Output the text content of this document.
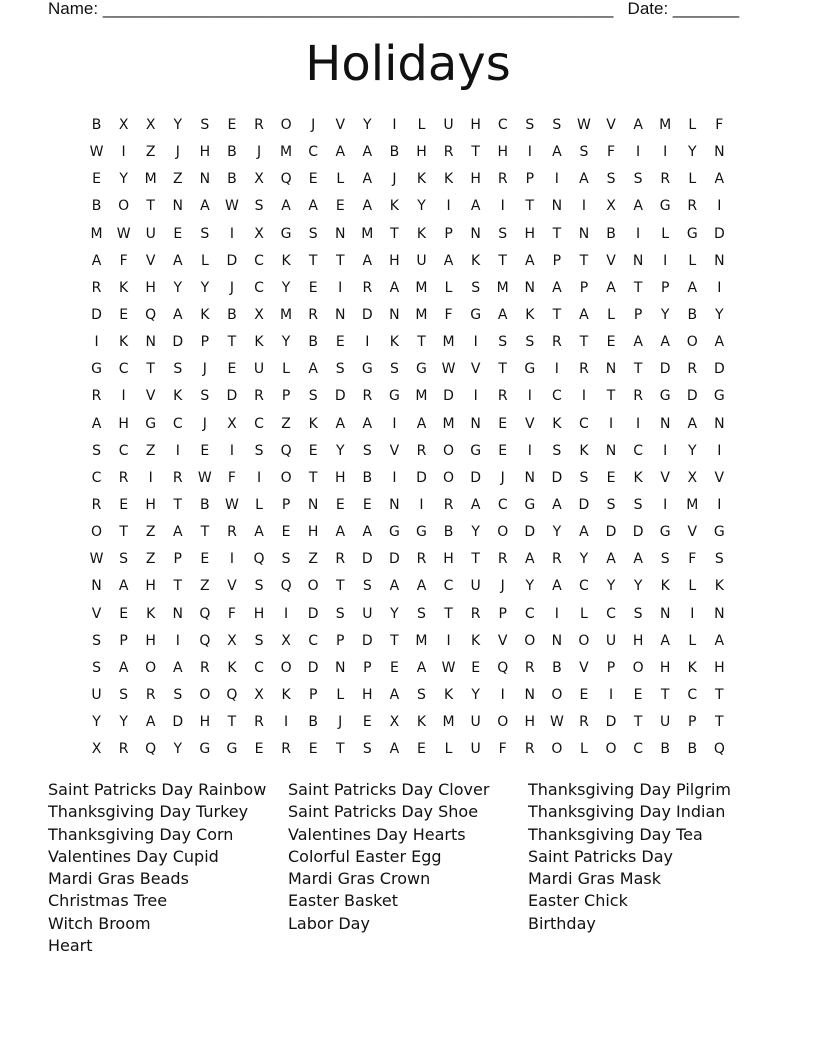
Name: ______________________________________________________ Date: _______
Holidays
B	X	X	Y	S	E	R	O	J	V	Y	I	L	U	H	C	S	S	W	V	A	M	L	F
W	I	Z	J	H	B	J	M	C	A	A	B	H	R	T	H	I	A	S	F	I	I	Y	N
E	Y	M	Z	N	B	X	Q	E	L	A	J	K	K	H	R	P	I	A	S	S	R	L	A
B	O	T	N	A	W	S	A	A	E	A	K	Y	I	A	I	T	N	I	X	A	G	R	I
M	W	U	E	S	I	X	G	S	N	M	T	K	P	N	S	H	T	N	B	I	L	G	D
A	F	V	A	L	D	C	K	T	T	A	H	U	A	K	T	A	P	T	V	N	I	L	N
R	K	H	Y	Y	J	C	Y	E	I	R	A	M	L	S	M	N	A	P	A	T	P	A	I
D	E	Q	A	K	B	X	M	R	N	D	N	M	F	G	A	K	T	A	L	P	Y	B	Y
I	K	N	D	P	T	K	Y	B	E	I	K	T	M	I	S	S	R	T	E	A	A	O	A
G	C	T	S	J	E	U	L	A	S	G	S	G	W	V	T	G	I	R	N	T	D	R	D
R	I	V	K	S	D	R	P	S	D	R	G	M	D	I	R	I	C	I	T	R	G	D	G
A	H	G	C	J	X	C	Z	K	A	A	I	A	M	N	E	V	K	C	I	I	N	A	N
S	C	Z	I	E	I	S	Q	E	Y	S	V	R	O	G	E	I	S	K	N	C	I	Y	I
C	R	I	R	W	F	I	O	T	H	B	I	D	O	D	J	N	D	S	E	K	V	X	V
R	E	H	T	B	W	L	P	N	E	E	N	I	R	A	C	G	A	D	S	S	I	M	I
O	T	Z	A	T	R	A	E	H	A	A	G	G	B	Y	O	D	Y	A	D	D	G	V	G
W	S	Z	P	E	I	Q	S	Z	R	D	D	R	H	T	R	A	R	Y	A	A	S	F	S
N	A	H	T	Z	V	S	Q	O	T	S	A	A	C	U	J	Y	A	C	Y	Y	K	L	K
V	E	K	N	Q	F	H	I	D	S	U	Y	S	T	R	P	C	I	L	C	S	N	I	N
S	P	H	I	Q	X	S	X	C	P	D	T	M	I	K	V	O	N	O	U	H	A	L	A
S	A	O	A	R	K	C	O	D	N	P	E	A	W	E	Q	R	B	V	P	O	H	K	H
U	S	R	S	O	Q	X	K	P	L	H	A	S	K	Y	I	N	O	E	I	E	T	C	T
Y	Y	A	D	H	T	R	I	B	J	E	X	K	M	U	O	H	W	R	D	T	U	P	T
X	R	Q	Y	G	G	E	R	E	T	S	A	E	L	U	F	R	O	L	O	C	B	B	Q
Saint Patricks Day Rainbow
Thanksgiving Day Turkey
Thanksgiving Day Corn
Valentines Day Cupid
Mardi Gras Beads
Christmas Tree
Witch Broom
Heart
Saint Patricks Day Clover
Saint Patricks Day Shoe
Valentines Day Hearts
Colorful Easter Egg
Mardi Gras Crown
Easter Basket
Labor Day
Thanksgiving Day Pilgrim
Thanksgiving Day Indian
Thanksgiving Day Tea
Saint Patricks Day
Mardi Gras Mask
Easter Chick
Birthday
